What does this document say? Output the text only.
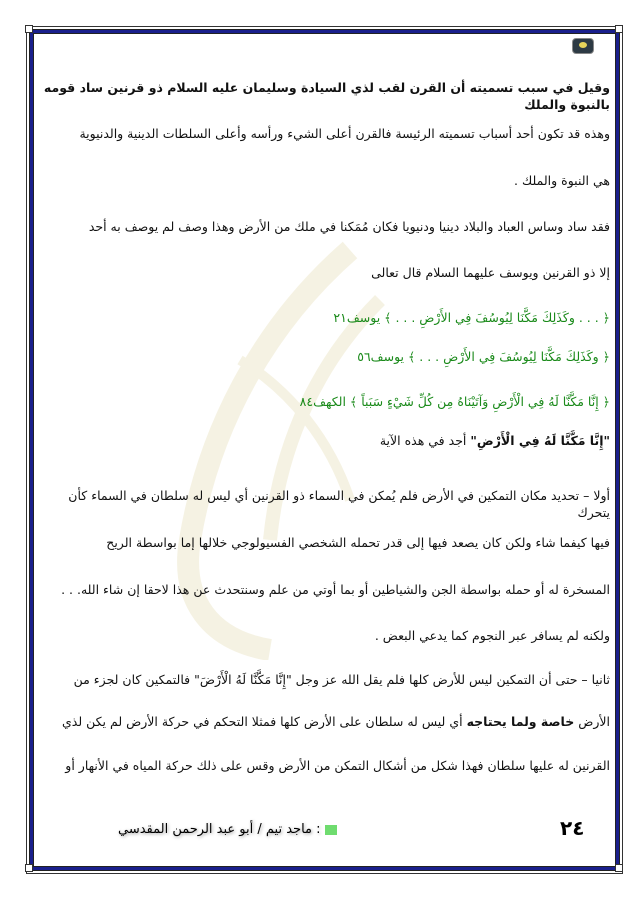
وقيل في سبب تسميته أن القرن لقب لذي السيادة وسليمان عليه السلام ذو قرنين ساد قومه بالنبوة والملك
وهذه قد تكون أحد أسباب تسميته الرئيسة فالقرن أعلى الشيء ورأسه وأعلى السلطات الدينية والدنيوية
هي النبوة والملك .
فقد ساد وساس العباد والبلاد دينيا ودنيويا فكان مُمَكنا في ملك من الأرض وهذا وصف لم يوصف به أحد
إلا ذو القرنين ويوسف عليهما السلام قال تعالى
﴿ . . . وكَذَلِكَ مَكَّنَا لِيُوسُفَ فِي الأَرْضِ . . . ﴾ يوسف٢١
﴿ وكَذَلِكَ مَكَّنَا لِيُوسُفَ فِي الأَرْضِ . . . ﴾ يوسف٥٦
﴿ إِنَّا مَكَّنَّا لَهُ فِي الْأَرْضِ وَآتَيْنَاهُ مِن كُلِّ شَيْءٍ سَبَباً ﴾ الكهف٨٤
"إِنَّا مَكَّنَّا لَهُ فِي الْأَرْضِ" أجد في هذه الآية
أولا – تحديد مكان التمكين في الأرض فلم يُمكن في السماء ذو القرنين أي ليس له سلطان في السماء كأن يتحرك
فيها كيفما شاء ولكن كان يصعد فيها إلى قدر تحمله الشخصي الفسيولوجي خلالها إما بواسطة الريح
المسخرة له أو حمله بواسطة الجن والشياطين أو بما أوتي من علم وسنتحدث عن هذا لاحقا إن شاء الله. . .
ولكنه لم يسافر عبر النجوم كما يدعي البعض .
ثانيا – حتى أن التمكين ليس للأرض كلها فلم يقل الله عز وجل "إِنَّا مَكَّنَّا لَهُ الْأَرْضَ" فالتمكين كان لجزء من
الأرض خاصة ولما يحتاجه أي ليس له سلطان على الأرض كلها فمثلا التحكم في حركة الأرض لم يكن لذي
القرنين له عليها سلطان فهذا شكل من أشكال التمكن من الأرض وقس على ذلك حركة المياه في الأنهار أو
٢٤
: ماجد تيم / أبو عبد الرحمن المقدسي
